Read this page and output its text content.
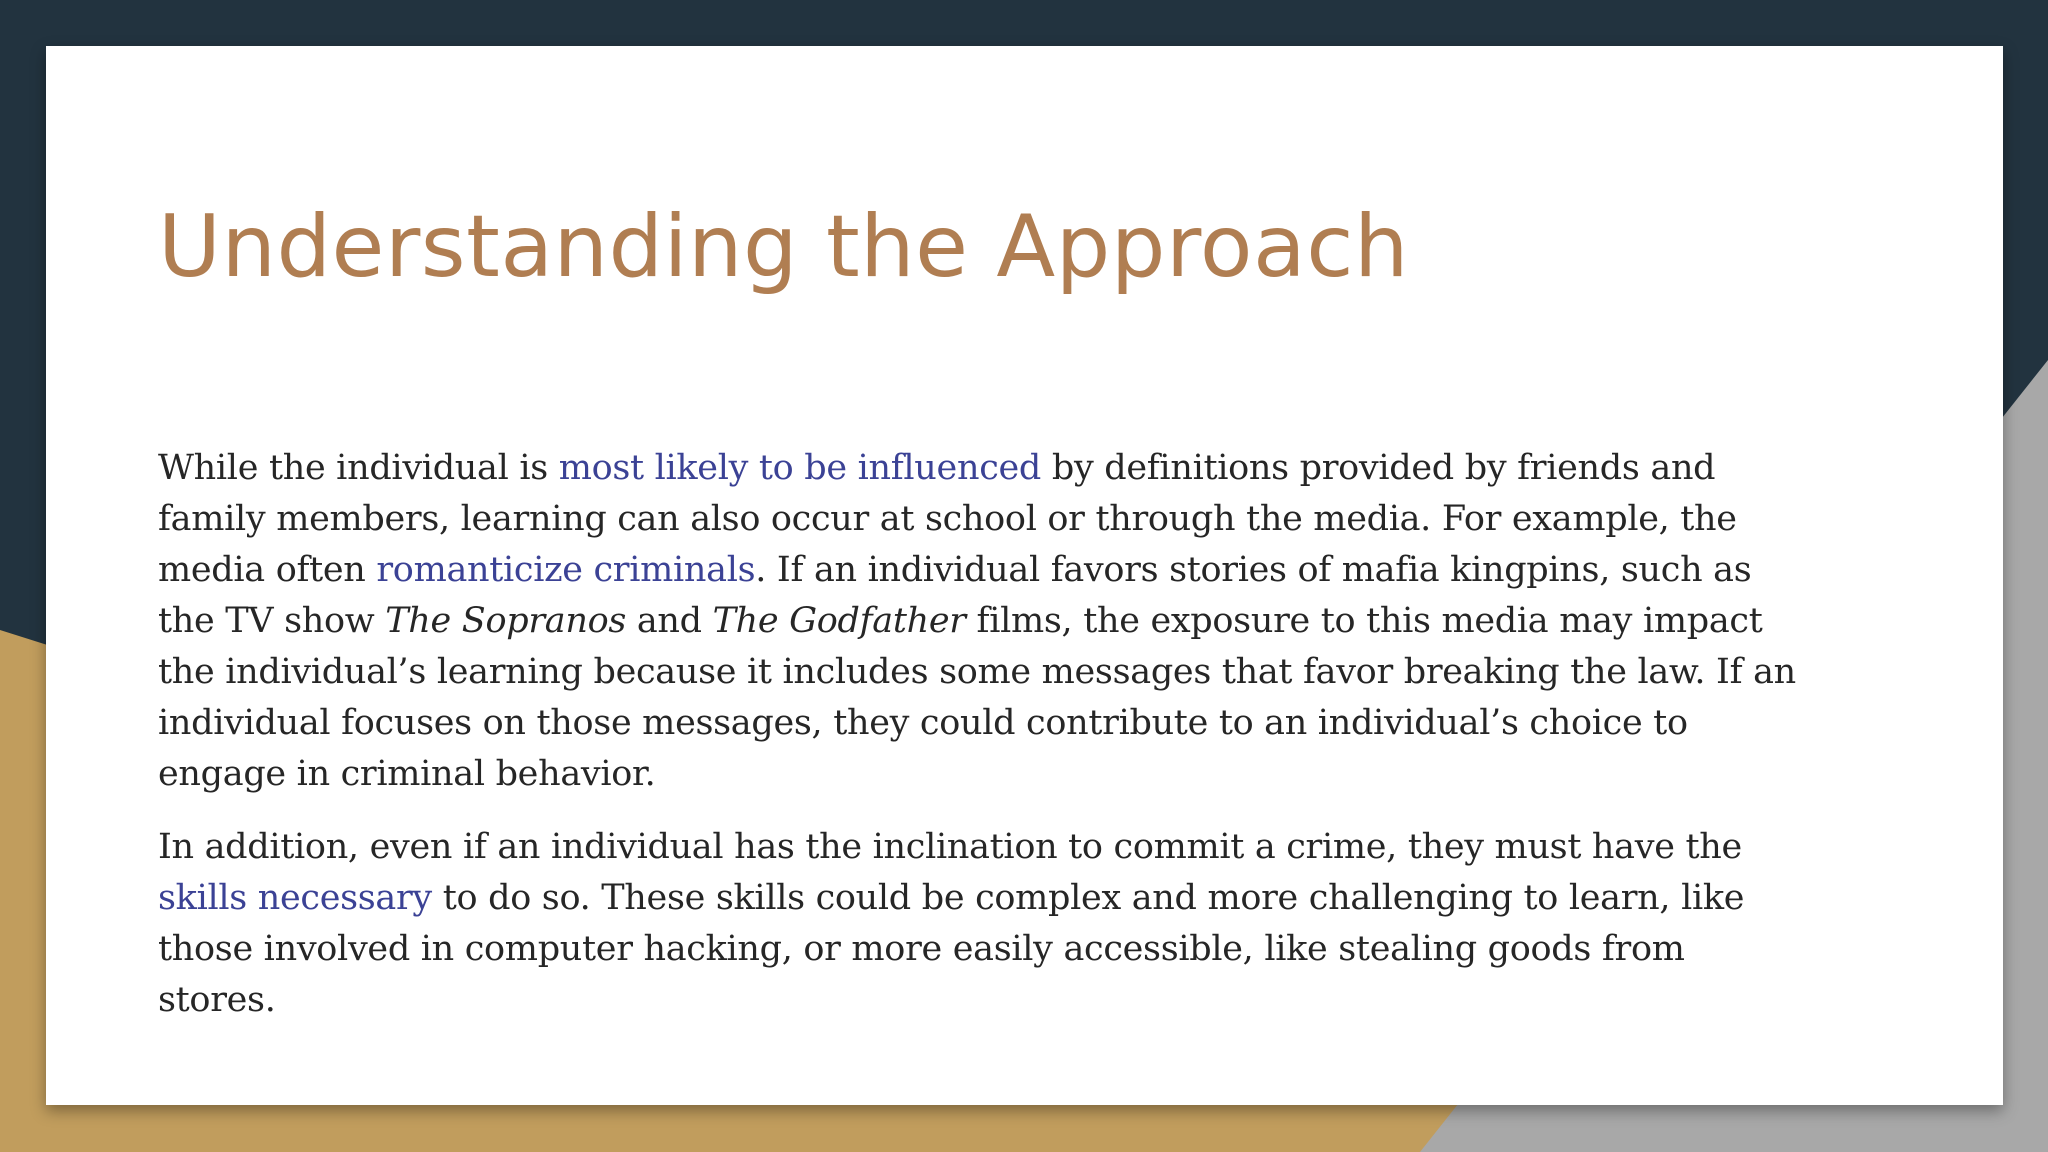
Understanding the Approach

While the individual is most likely to be influenced by definitions provided by friends and family members, learning can also occur at school or through the media. For example, the media often romanticize criminals. If an individual favors stories of mafia kingpins, such as the TV show The Sopranos and The Godfather films, the exposure to this media may impact the individual’s learning because it includes some messages that favor breaking the law. If an individual focuses on those messages, they could contribute to an individual’s choice to engage in criminal behavior.

In addition, even if an individual has the inclination to commit a crime, they must have the skills necessary to do so. These skills could be complex and more challenging to learn, like those involved in computer hacking, or more easily accessible, like stealing goods from stores.
